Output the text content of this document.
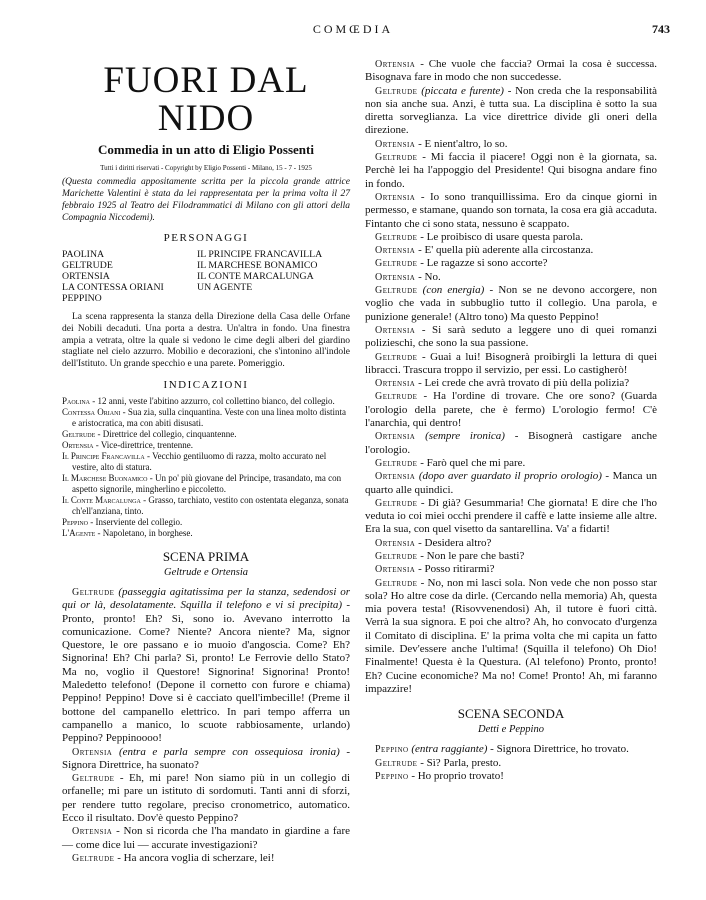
COMŒDIA	743
FUORI DAL NIDO
Commedia in un atto di Eligio Possenti
Tutti i diritti riservati - Copyright by Eligio Possenti - Milano, 15 - 7 - 1925

(Questa commedia appositamente scritta per la piccola grande attrice Marichette Valentini è stata da lei rappresentata per la prima volta il 27 febbraio 1925 al Teatro dei Filodrammatici di Milano con gli attori della Compagnia Niccodemi).

PERSONAGGI
PAOLINA	IL PRINCIPE FRANCAVILLA
GELTRUDE	IL MARCHESE BONAMICO
ORTENSIA	IL CONTE MARCALUNGA
LA CONTESSA ORIANI	UN AGENTE
PEPPINO

La scena rappresenta la stanza della Direzione della Casa delle Orfane dei Nobili decaduti. Una porta a destra. Un'altra in fondo. Una finestra ampia a vetrata, oltre la quale si vedono le cime degli alberi del giardino stagliate nel cielo azzurro. Mobilio e decorazioni, che s'intonino all'indole dell'Istituto. Un grande specchio e una parete. Pomeriggio.

INDICAZIONI

Paolina - 12 anni, veste l'abitino azzurro, col collettino bianco, del collegio.

Contessa Oriani - Sua zia, sulla cinquantina. Veste con una linea molto distinta e aristocratica, ma con abiti disusati.

Geltrude - Direttrice del collegio, cinquantenne.

Ortensia - Vice-direttrice, trentenne.

Il Principe Francavilla - Vecchio gentiluomo di razza, molto accurato nel vestire, alto di statura.

Il Marchese Buonamico - Un po' più giovane del Principe, trasandato, ma con aspetto signorile, mingherlino e piccoletto.

Il Conte Marcalunga - Grasso, tarchiato, vestito con ostentata eleganza, sonata ch'ell'anziana, tinto.

Peppino - Inserviente del collegio.

L'Agente - Napoletano, in borghese.

SCENA PRIMA
Geltrude e Ortensia

Geltrude (passeggia agitatissima per la stanza, sedendosi or qui or là, desolatamente. Squilla il telefono e vi si precipita) - Pronto, pronto! Eh? Sì, sono io. Avevano interrotto la comunicazione. Come? Niente? Ancora niente? Ma, signor Questore, le ore passano e io muoio d'angoscia. Come? Eh? Signorina! Eh? Chi parla? Sì, pronto! Le Ferrovie dello Stato? Ma no, voglio il Questore! Signorina! Signorina! Pronto! Maledetto telefono! (Depone il cornetto con furore e chiama) Peppino! Peppino! Dove si è cacciato quell'imbecille! (Preme il bottone del campanello elettrico. In pari tempo afferra un campanello a manico, lo scuote rabbiosamente, urlando) Peppino? Peppinoooo!

Ortensia (entra e parla sempre con ossequiosa ironia) - Signora Direttrice, ha suonato?

Geltrude - Eh, mi pare! Non siamo più in un collegio di orfanelle; mi pare un istituto di sordomuti. Tanti anni di sforzi, per rendere tutto regolare, preciso cronometrico, automatico. Ecco il risultato. Dov'è questo Peppino?

Ortensia - Non si ricorda che l'ha mandato in giardine a fare — come dice lui — accurate investigazioni?

Geltrude - Ha ancora voglia di scherzare, lei!

Ortensia - Che vuole che faccia? Ormai la cosa è successa. Bisognava fare in modo che non succedesse.

Geltrude (piccata e furente) - Non creda che la responsabilità non sia anche sua. Anzi, è tutta sua. La disciplina è sotto la sua diretta sorveglianza. La vice direttrice divide gli oneri della direzione.

Ortensia - E nient'altro, lo so.

Geltrude - Mi faccia il piacere! Oggi non è la giornata, sa. Perchè lei ha l'appoggio del Presidente! Qui bisogna andare fino in fondo.

Ortensia - Io sono tranquillissima. Ero da cinque giorni in permesso, e stamane, quando son tornata, la cosa era già accaduta. Fintanto che ci sono stata, nessuno è scappato.

Geltrude - Le proibisco di usare questa parola.

Ortensia - E' quella più aderente alla circostanza.

Geltrude - Le ragazze si sono accorte?

Ortensia - No.

Geltrude (con energia) - Non se ne devono accorgere, non voglio che vada in subbuglio tutto il collegio. Una parola, e punizione generale! (Altro tono) Ma questo Peppino!

Ortensia - Si sarà seduto a leggere uno di quei romanzi polizieschi, che sono la sua passione.

Geltrude - Guai a lui! Bisognerà proibirgli la lettura di quei libracci. Trascura troppo il servizio, per essi. Lo castigherò!

Ortensia - Lei crede che avrà trovato di più della polizia?

Geltrude - Ha l'ordine di trovare. Che ore sono? (Guarda l'orologio della parete, che è fermo) L'orologio fermo! C'è l'anarchia, qui dentro!

Ortensia (sempre ironica) - Bisognerà castigare anche l'orologio.

Geltrude - Farò quel che mi pare.

Ortensia (dopo aver guardato il proprio orologio) - Manca un quarto alle quindici.

Geltrude - Di già? Gesummaria! Che giornata! E dire che l'ho veduta io coi miei occhi prendere il caffè e latte insieme alle altre. Era la sua, con quel visetto da santarellina. Va' a fidarti!

Ortensia - Desidera altro?

Geltrude - Non le pare che basti?

Ortensia - Posso ritirarmi?

Geltrude - No, non mi lasci sola. Non vede che non posso star sola? Ho altre cose da dirle. (Cercando nella memoria) Ah, questa mia povera testa! (Risovvenendosi) Ah, il tutore è fuori città. Verrà la sua signora. E poi che altro? Ah, ho convocato d'urgenza il Comitato di disciplina. E' la prima volta che mi capita un fatto simile. Dev'essere anche l'ultima! (Squilla il telefono) Oh Dio! Finalmente! Questa è la Questura. (Al telefono) Pronto, pronto! Eh? Cucine economiche? Ma no! Come! Pronto! Ah, mi faranno impazzire!

SCENA SECONDA
Detti e Peppino

Peppino (entra raggiante) - Signora Direttrice, ho trovato.

Geltrude - Sì? Parla, presto.

Peppino - Ho proprio trovato!
